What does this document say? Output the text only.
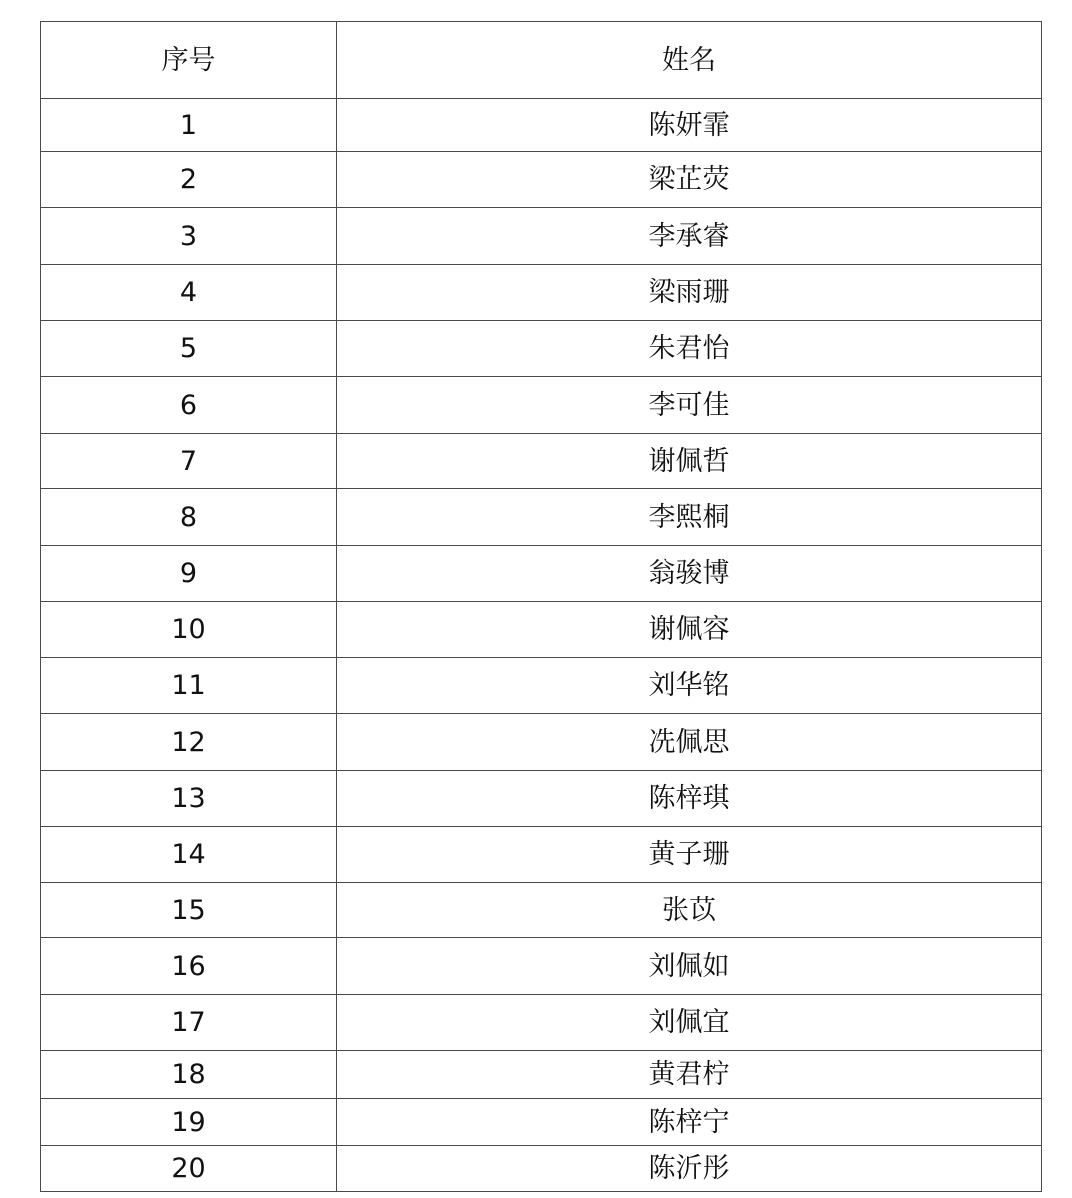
序号	姓名
1	陈妍霏
2	梁芷荧
3	李承睿
4	梁雨珊
5	朱君怡
6	李可佳
7	谢佩哲
8	李熙桐
9	翁骏博
10	谢佩容
11	刘华铭
12	冼佩思
13	陈梓琪
14	黄子珊
15	张苡
16	刘佩如
17	刘佩宜
18	黄君柠
19	陈梓宁
20	陈沂彤
